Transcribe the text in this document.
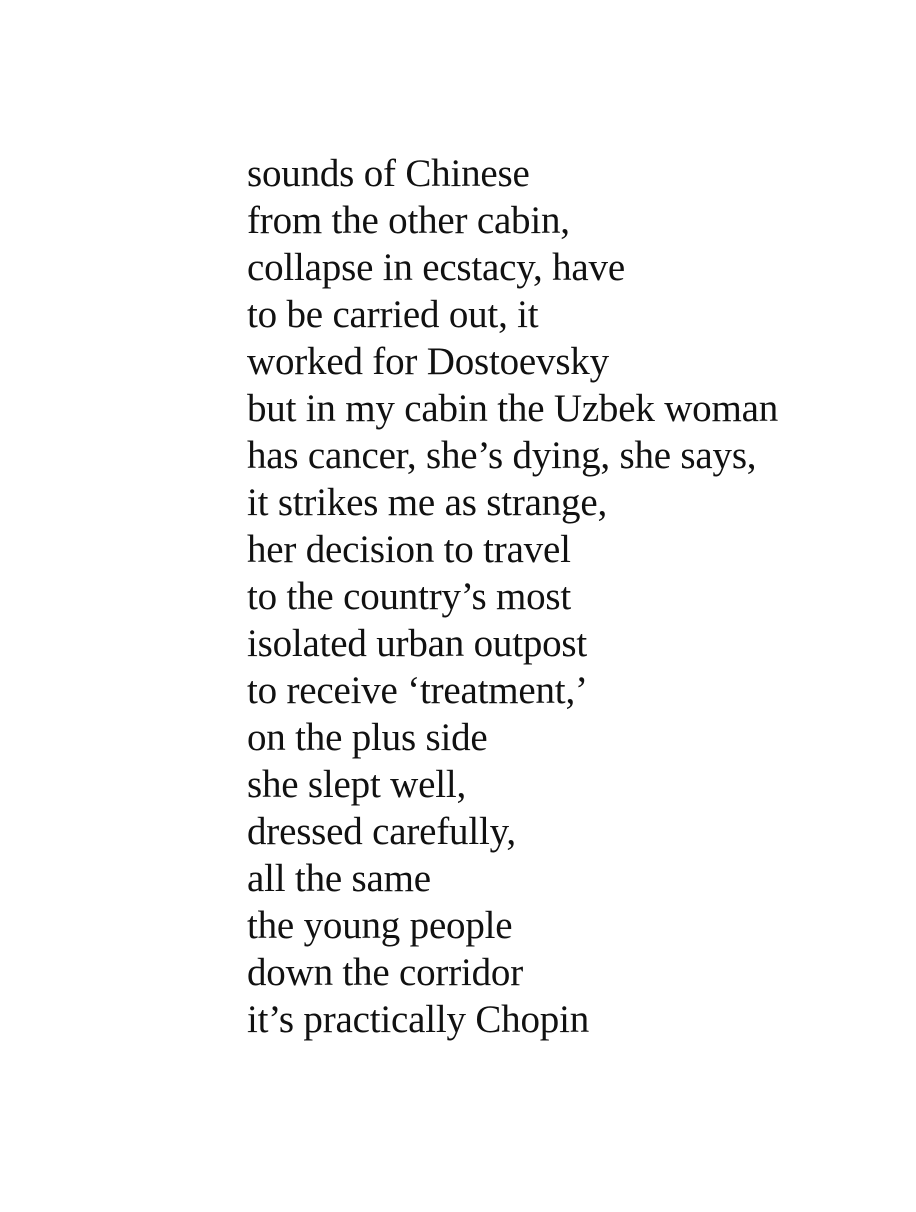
sounds of Chinese
from the other cabin,
collapse in ecstacy, have
to be carried out, it
worked for Dostoevsky
but in my cabin the Uzbek woman
has cancer, she’s dying, she says,
it strikes me as strange,
her decision to travel
to the country’s most
isolated urban outpost
to receive ‘treatment,’
on the plus side
she slept well,
dressed carefully,
all the same
the young people
down the corridor
it’s practically Chopin
